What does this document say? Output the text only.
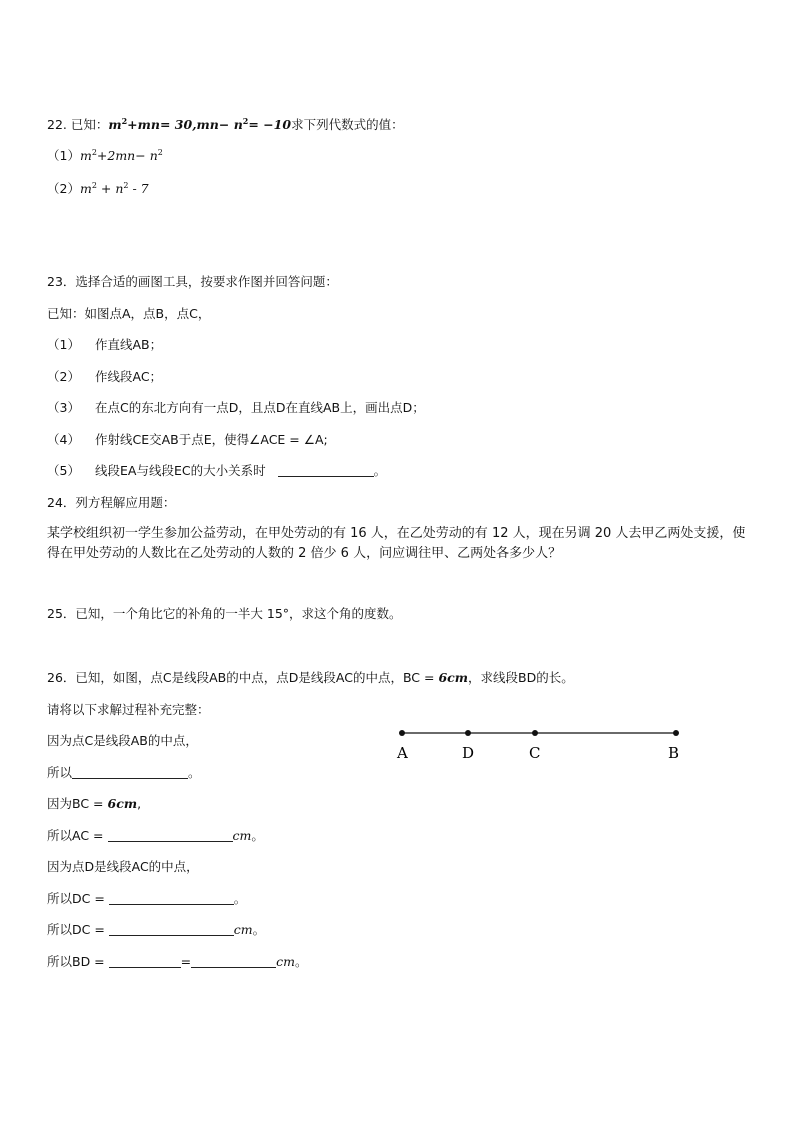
22. 已知：$m^2+mn= 30,mn- n^2= -10$求下列代数式的值：
$(1)m^2+2mn- n^2$
$(2)m^2 + n^2 - 7$
23．选择合适的画图工具，按要求作图并回答问题：
已知：如图点A，点B，点C，
（1） 作直线AB；
（2） 作线段AC；
（3） 在点C的东北方向有一点D，且点D在直线AB上，画出点D；
（4） 作射线CE交AB于点E，使得∠ACE = ∠A;
（5） 线段EA与线段EC的大小关系时	。
24．列方程解应用题：
某学校组织初一学生参加公益劳动，在甲处劳动的有 16 人，在乙处劳动的有 12 人，现在另调 20 人去甲乙两处支援，使得在甲处劳动的人数比在乙处劳动的人数的 2 倍少 6 人，问应调往甲、乙两处各多少人？
25．已知，一个角比它的补角的一半大 15°，求这个角的度数。
26．已知，如图，点C是线段AB的中点，点D是线段AC的中点，BC = 6cm，求线段BD的长。
请将以下求解过程补充完整：
因为点C是线段AB的中点，
所以	。
因为BC = 6cm,
所以AC =	cm。
因为点D是线段AC的中点，
所以DC =	。
所以DC =	cm。
所以BD =	=	cm。
A	D	C	B
